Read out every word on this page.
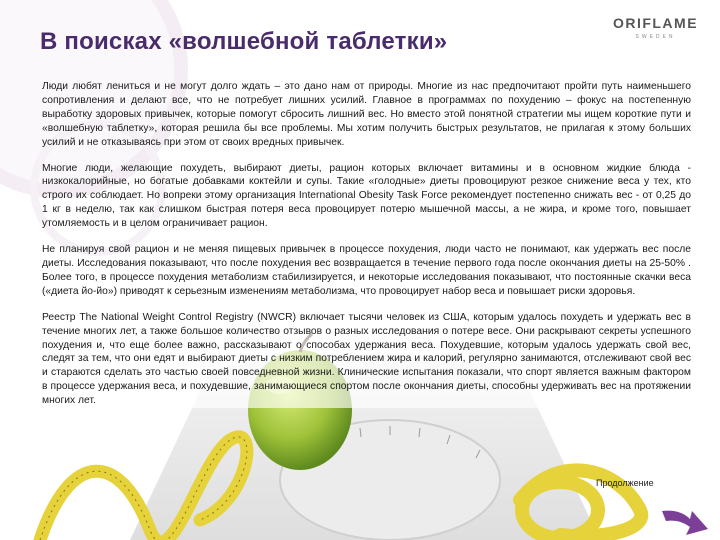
В поисках «волшебной таблетки»
ORIFLAME
SWEDEN

Люди любят лениться и не могут долго ждать – это дано нам от природы. Многие из нас предпочитают пройти путь наименьшего сопротивления и делают все, что не потребует лишних усилий. Главное в программах по похудению – фокус на постепенную выработку здоровых привычек, которые помогут сбросить лишний вес. Но вместо этой понятной стратегии мы ищем короткие пути и «волшебную таблетку», которая решила бы все проблемы. Мы хотим получить быстрых результатов, не прилагая к этому больших усилий и не отказываясь при этом от своих вредных привычек.

Многие люди, желающие похудеть, выбирают диеты, рацион которых включает витамины и в основном жидкие блюда - низкокалорийные, но богатые добавками коктейли и супы. Такие «голодные» диеты провоцируют резкое снижение веса у тех, кто строго их соблюдает. Но вопреки этому организация International Obesity Task Force рекомендует постепенно снижать вес - от 0,25 до 1 кг в неделю, так как слишком быстрая потеря веса провоцирует потерю мышечной массы, а не жира, и кроме того, повышает утомляемость и в целом ограничивает рацион.

Не планируя свой рацион и не меняя пищевых привычек в процессе похудения, люди часто не понимают, как удержать вес после диеты. Исследования показывают, что после похудения вес возвращается в течение первого года после окончания диеты на 25-50% . Более того, в процессе похудения метаболизм стабилизируется, и некоторые исследования показывают, что постоянные скачки веса («диета йо-йо») приводят к серьезным изменениям метаболизма, что провоцирует набор веса и повышает риски здоровья.

Реестр The National Weight Control Registry (NWCR) включает тысячи человек из США, которым удалось похудеть и удержать вес в течение многих лет, а также большое количество отзывов о разных исследования о потере весе. Они раскрывают секреты успешного похудения и, что еще более важно, рассказывают о способах удержания веса. Похудевшие, которым удалось удержать свой вес, следят за тем, что они едят и выбирают диеты с низким потреблением жира и калорий, регулярно занимаются, отслеживают свой вес и стараются сделать это частью своей повседневной жизни. Клинические испытания показали, что спорт является важным фактором в процессе удержания веса, и похудевшие, занимающиеся спортом после окончания диеты, способны удерживать вес на протяжении многих лет.

Продолжение
